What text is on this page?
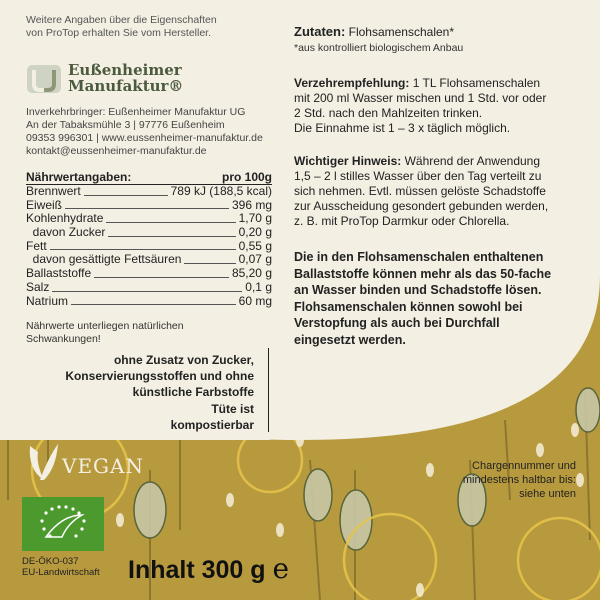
Weitere Angaben über die Eigenschaften
von ProTop erhalten Sie vom Hersteller.
Eußenheimer
Manufaktur®
Inverkehrbringer: Eußenheimer Manufaktur UG
An der Tabaksmühle 3 | 97776 Eußenheim
09353 996301 | www.eussenheimer-manufaktur.de
kontakt@eussenheimer-manufaktur.de
Nährwertangaben:	pro 100g
Brennwert	789 kJ (188,5 kcal)
Eiweiß	396 mg
Kohlenhydrate	1,70 g
davon Zucker	0,20 g
Fett	0,55 g
davon gesättigte Fettsäuren	0,07 g
Ballaststoffe	85,20 g
Salz	0,1 g
Natrium	60 mg
Nährwerte unterliegen natürlichen
Schwankungen!
ohne Zusatz von Zucker,
Konservierungsstoffen und ohne
künstliche Farbstoffe
Tüte ist
kompostierbar
Zutaten: Flohsamenschalen*
*aus kontrolliert biologischem Anbau
Verzehrempfehlung: 1 TL Flohsamenschalen
mit 200 ml Wasser mischen und 1 Std. vor oder
2 Std. nach den Mahlzeiten trinken.
Die Einnahme ist 1 – 3 x täglich möglich.
Wichtiger Hinweis: Während der Anwendung
1,5 – 2 l stilles Wasser über den Tag verteilt zu
sich nehmen. Evtl. müssen gelöste Schadstoffe
zur Ausscheidung gesondert gebunden werden,
z. B. mit ProTop Darmkur oder Chlorella.
Die in den Flohsamenschalen enthaltenen
Ballaststoffe können mehr als das 50-fache
an Wasser binden und Schadstoffe lösen.
Flohsamenschalen können sowohl bei
Verstopfung als auch bei Durchfall
eingesetzt werden.
VEGAN
DE-ÖKO-037
EU-Landwirtschaft Inhalt 300 g e
Chargennummer und
mindestens haltbar bis:
siehe unten
